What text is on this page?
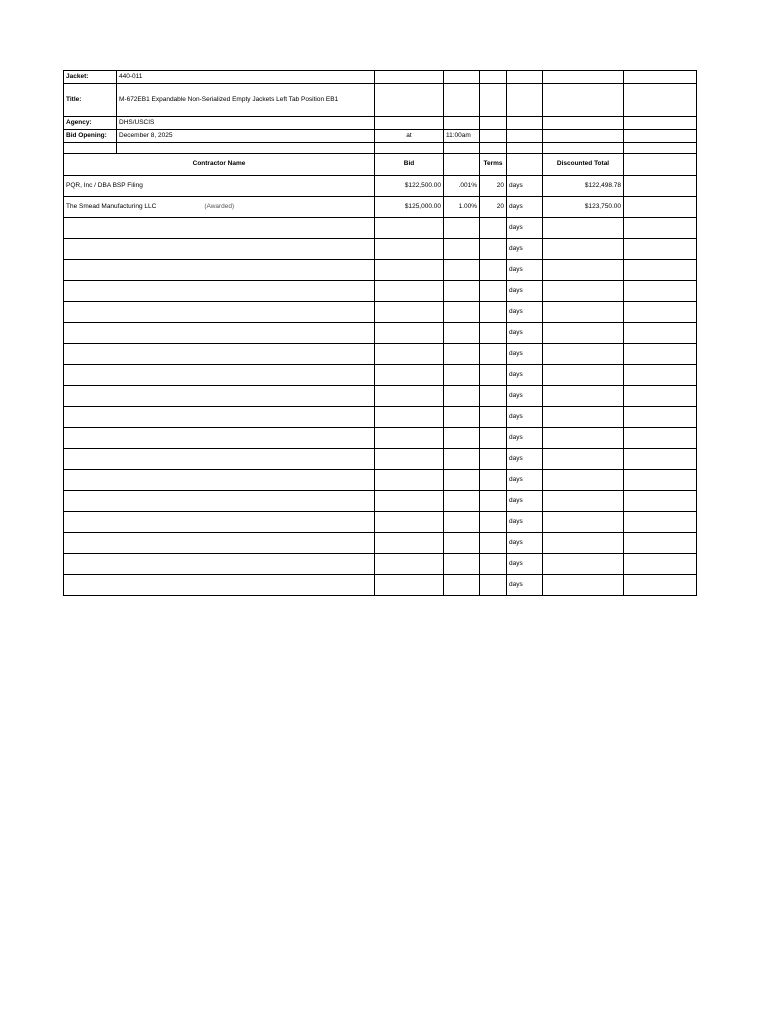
Jacket:	440-011						
Title:	M-672EB1 Expandable Non-Serialized Empty Jackets Left Tab Position EB1						
Agency:	DHS/USCIS						
Bid Opening:	December 8, 2025	at	11:00am				

Contractor Name		Bid		Terms		Discounted Total	
PQR, Inc / DBA BSP Filing		$122,500.00	.001%	20	days	$122,498.78	
The Smead Manufacturing LLC (Awarded)		$125,000.00	1.00%	20	days	$123,750.00	
					days		
					days		
					days		
					days		
					days		
					days		
					days		
					days		
					days		
					days		
					days		
					days		
					days		
					days		
					days		
					days		
					days		
					days		
